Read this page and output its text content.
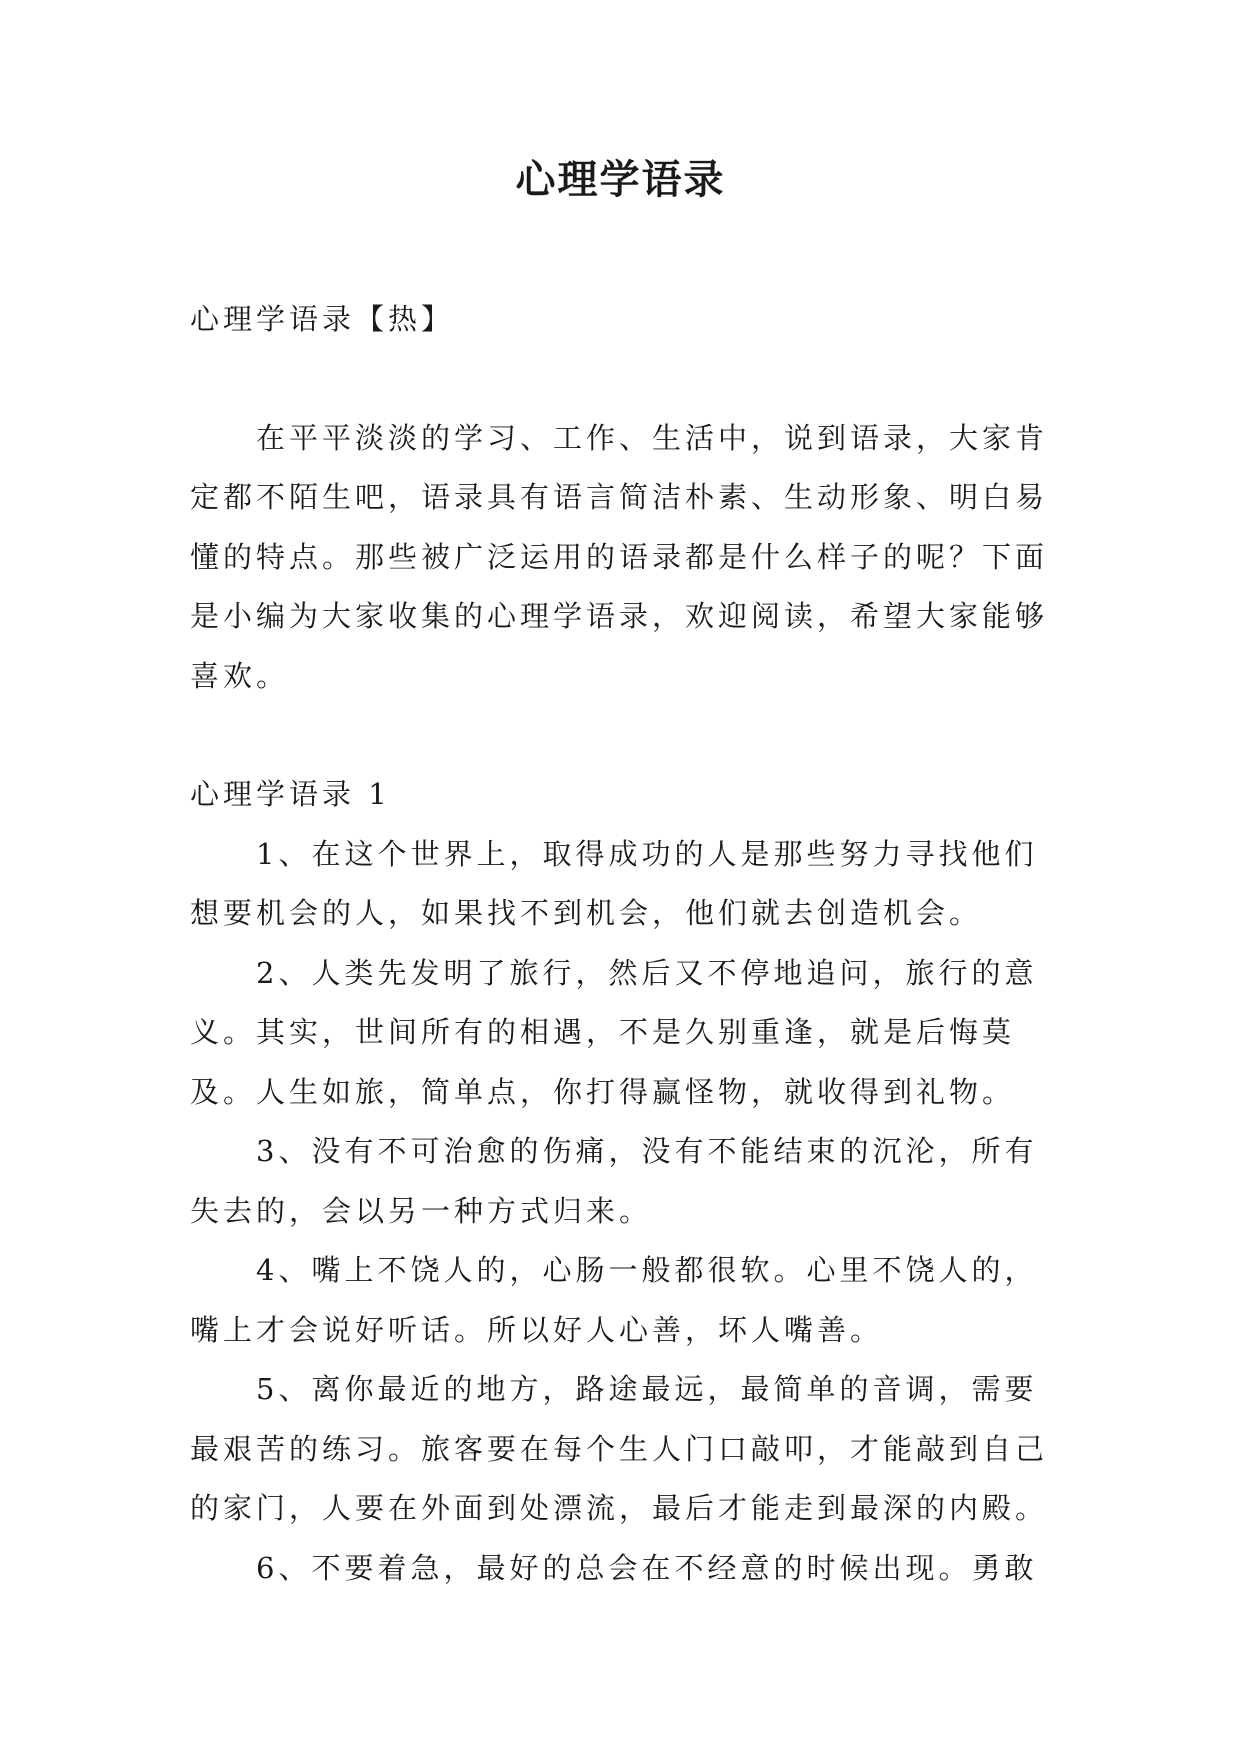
心理学语录

心理学语录【热】

在平平淡淡的学习、工作、生活中，说到语录，大家肯定都不陌生吧，语录具有语言简洁朴素、生动形象、明白易懂的特点。那些被广泛运用的语录都是什么样子的呢？下面是小编为大家收集的心理学语录，欢迎阅读，希望大家能够喜欢。

心理学语录 1

1、在这个世界上，取得成功的人是那些努力寻找他们想要机会的人，如果找不到机会，他们就去创造机会。

2、人类先发明了旅行，然后又不停地追问，旅行的意义。其实，世间所有的相遇，不是久别重逢，就是后悔莫及。人生如旅，简单点，你打得赢怪物，就收得到礼物。

3、没有不可治愈的伤痛，没有不能结束的沉沦，所有失去的，会以另一种方式归来。

4、嘴上不饶人的，心肠一般都很软。心里不饶人的，嘴上才会说好听话。所以好人心善，坏人嘴善。

5、离你最近的地方，路途最远，最简单的音调，需要最艰苦的练习。旅客要在每个生人门口敲叩，才能敲到自己的家门，人要在外面到处漂流，最后才能走到最深的内殿。

6、不要着急，最好的总会在不经意的时候出现。勇敢
